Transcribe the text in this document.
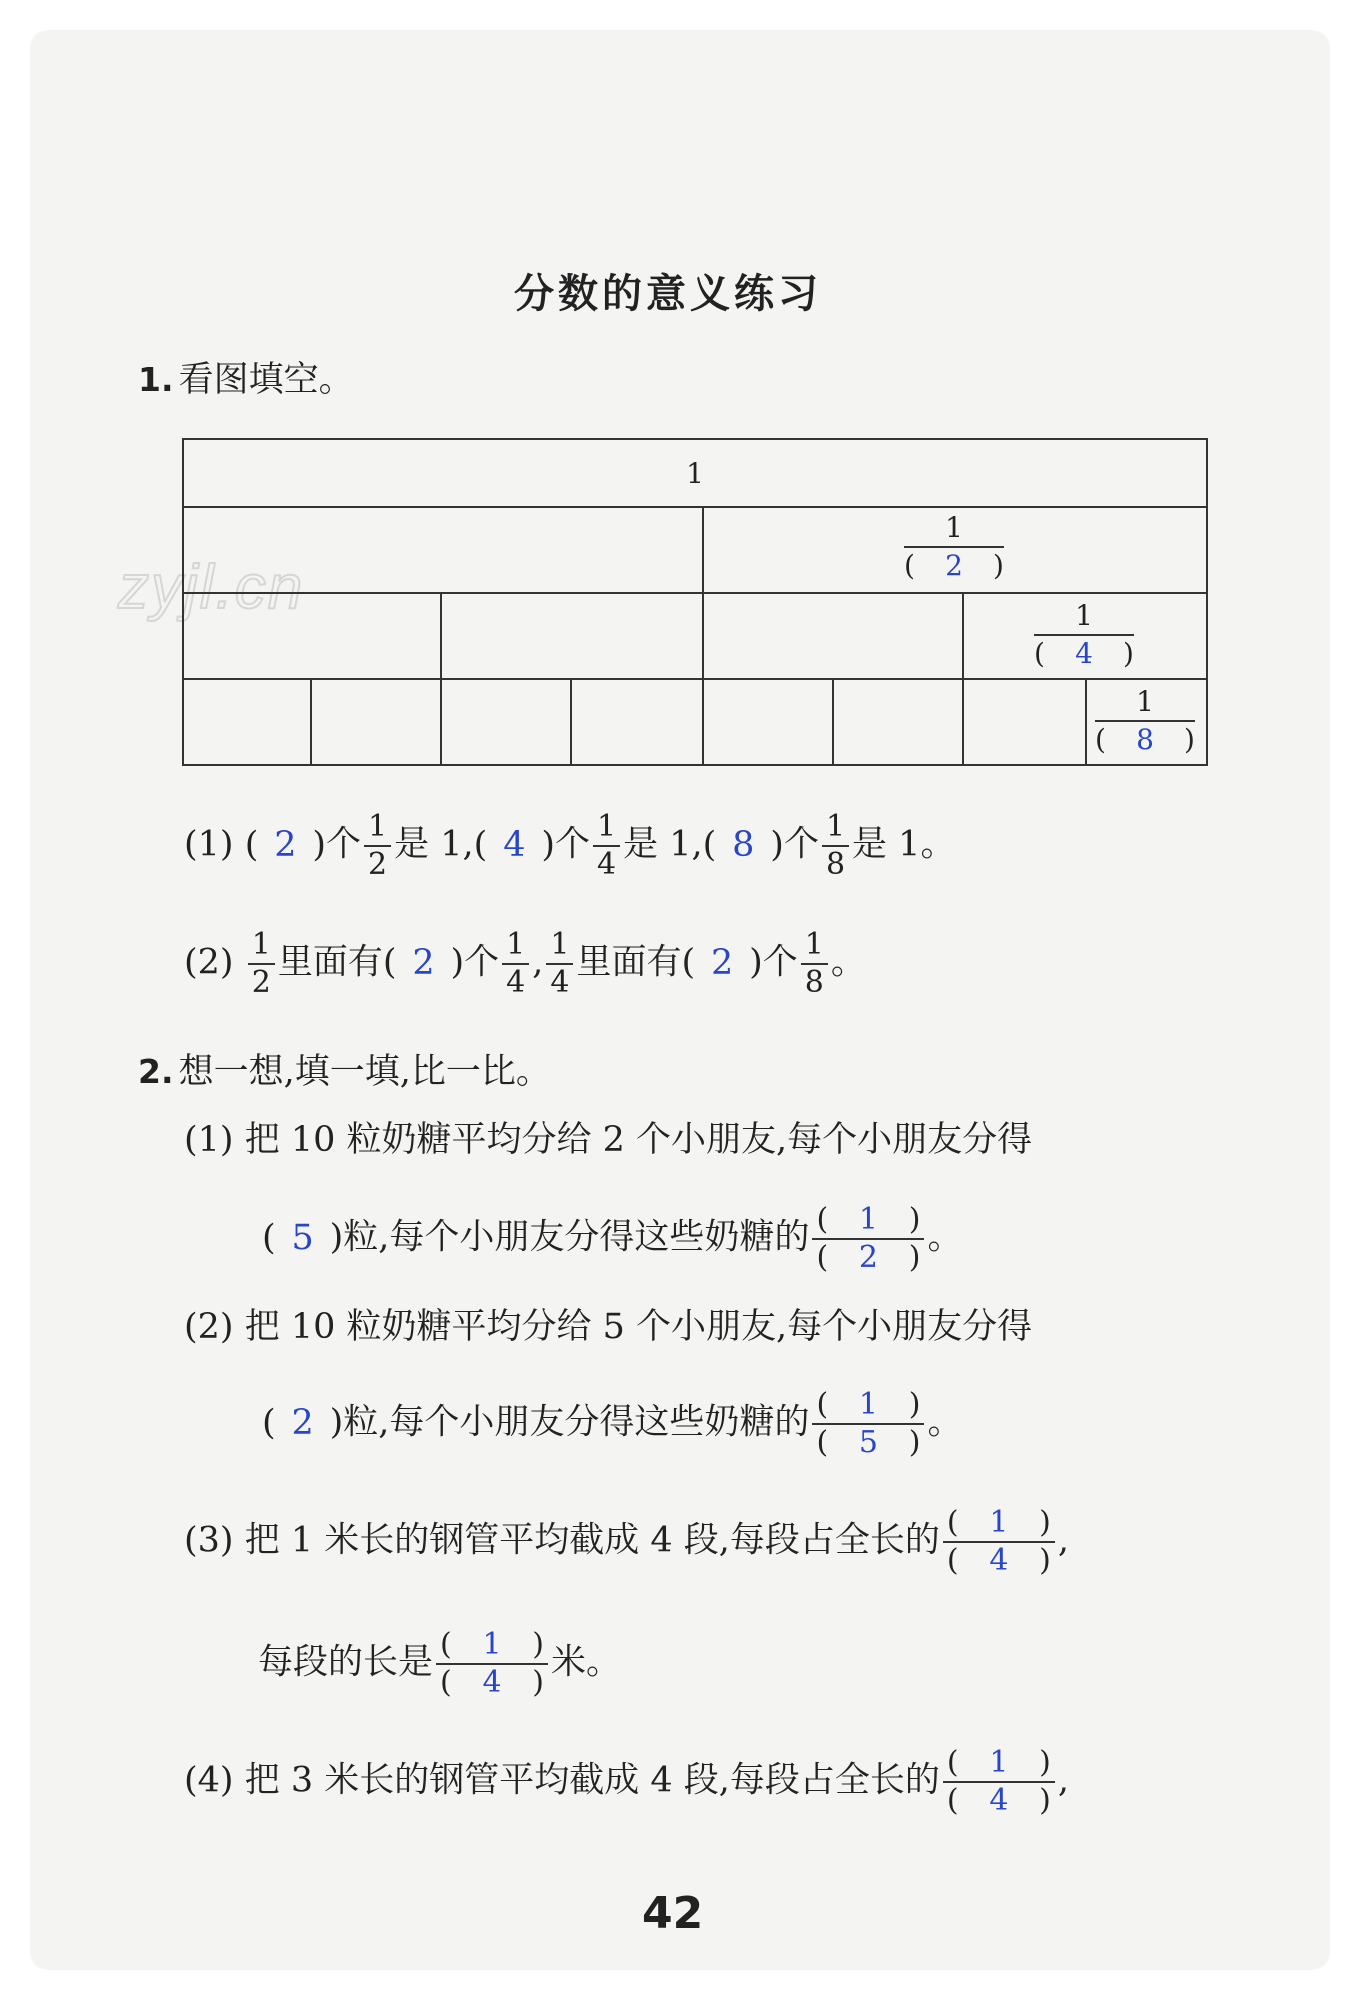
分数的意义练习
zyjl.cn
1. 看图填空。
1							

				$\frac{1}{( 2 )}$

						$\frac{1}{( 4 )}$

							$\frac{1}{( 8 )}$
(1) ( 2 )个 $\frac{1}{2}$ 是 1,( 4 )个 $\frac{1}{4}$ 是 1,( 8 )个 $\frac{1}{8}$ 是 1。
$(2) \frac{1}{2}$ 里面有( 2 )个 $\frac{1}{4}$ , $\frac{1}{4}$ 里面有( 2 )个 $\frac{1}{8}$ 。
2. 想一想,填一填,比一比。
(1) 把 10 粒奶糖平均分给 2 个小朋友,每个小朋友分得
( 5 )粒,每个小朋友分得这些奶糖的 $\frac{( 1 )}{( 2 )}$ 。
(2) 把 10 粒奶糖平均分给 5 个小朋友,每个小朋友分得
( 2 )粒,每个小朋友分得这些奶糖的 $\frac{( 1 )}{( 5 )}$ 。
(3) 把 1 米长的钢管平均截成 4 段,每段占全长的 $\frac{( 1 )}{( 4 )}$ ,
每段的长是 $\frac{( 1 )}{( 4 )}$ 米。
(4) 把 3 米长的钢管平均截成 4 段,每段占全长的 $\frac{( 1 )}{( 4 )}$ ,
42
